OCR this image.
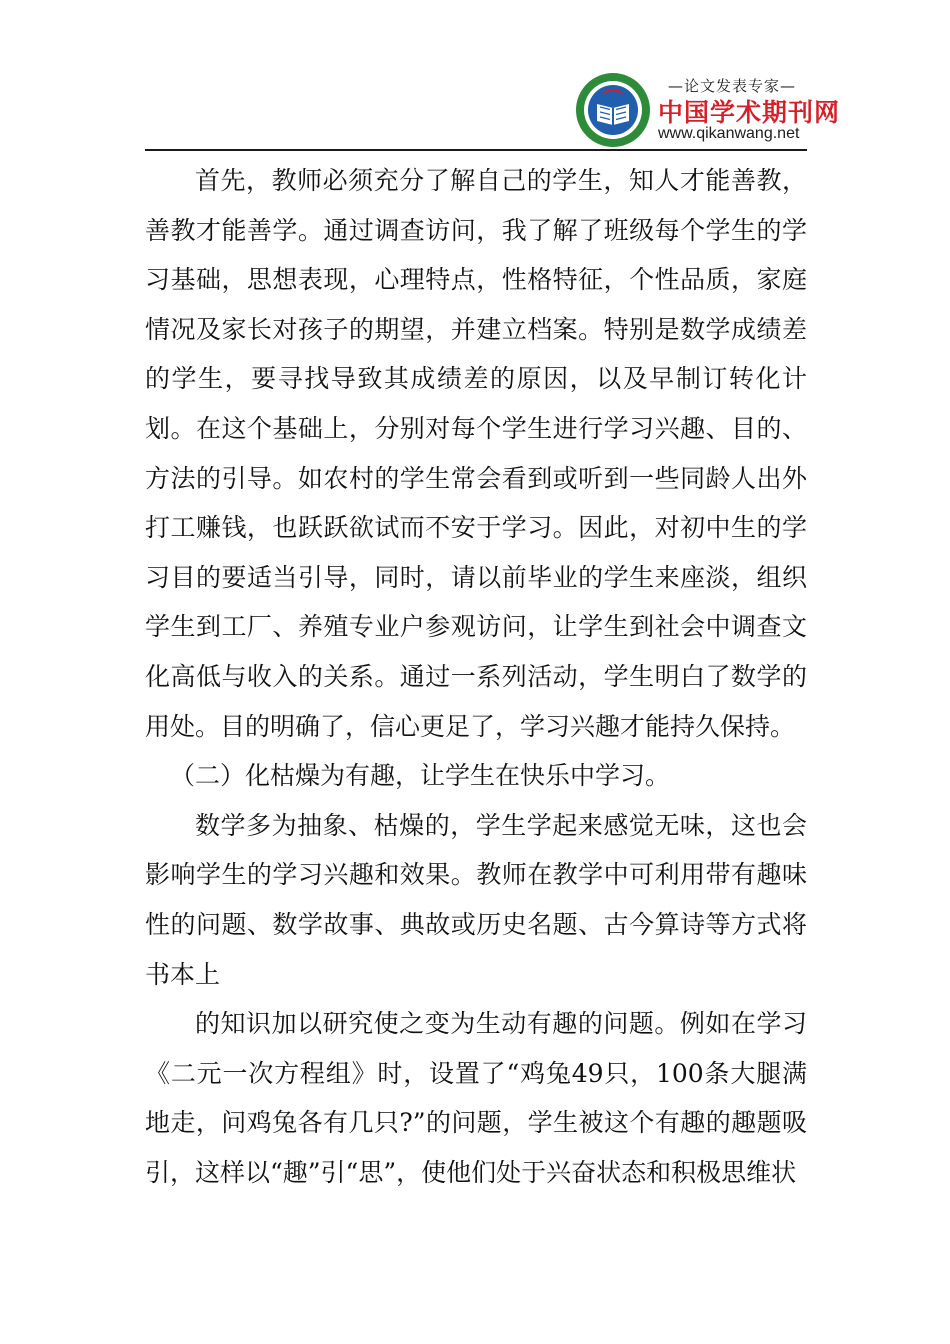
—论文发表专家—
中国学术期刊网
www.qikanwang.net

首先，教师必须充分了解自己的学生，知人才能善教，善教才能善学。通过调查访问，我了解了班级每个学生的学习基础，思想表现，心理特点，性格特征，个性品质，家庭情况及家长对孩子的期望，并建立档案。特别是数学成绩差的学生，要寻找导致其成绩差的原因，以及早制订转化计划。在这个基础上，分别对每个学生进行学习兴趣、目的、方法的引导。如农村的学生常会看到或听到一些同龄人出外打工赚钱，也跃跃欲试而不安于学习。因此，对初中生的学习目的要适当引导，同时，请以前毕业的学生来座淡，组织学生到工厂、养殖专业户参观访问，让学生到社会中调查文化高低与收入的关系。通过一系列活动，学生明白了数学的用处。目的明确了，信心更足了，学习兴趣才能持久保持。

（二）化枯燥为有趣，让学生在快乐中学习。

数学多为抽象、枯燥的，学生学起来感觉无味，这也会影响学生的学习兴趣和效果。教师在教学中可利用带有趣味性的问题、数学故事、典故或历史名题、古今算诗等方式将书本上

的知识加以研究使之变为生动有趣的问题。例如在学习《二元一次方程组》时，设置了“鸡兔49只，100条大腿满地走，问鸡兔各有几只?”的问题，学生被这个有趣的趣题吸引，这样以“趣”引“思”，使他们处于兴奋状态和积极思维状
